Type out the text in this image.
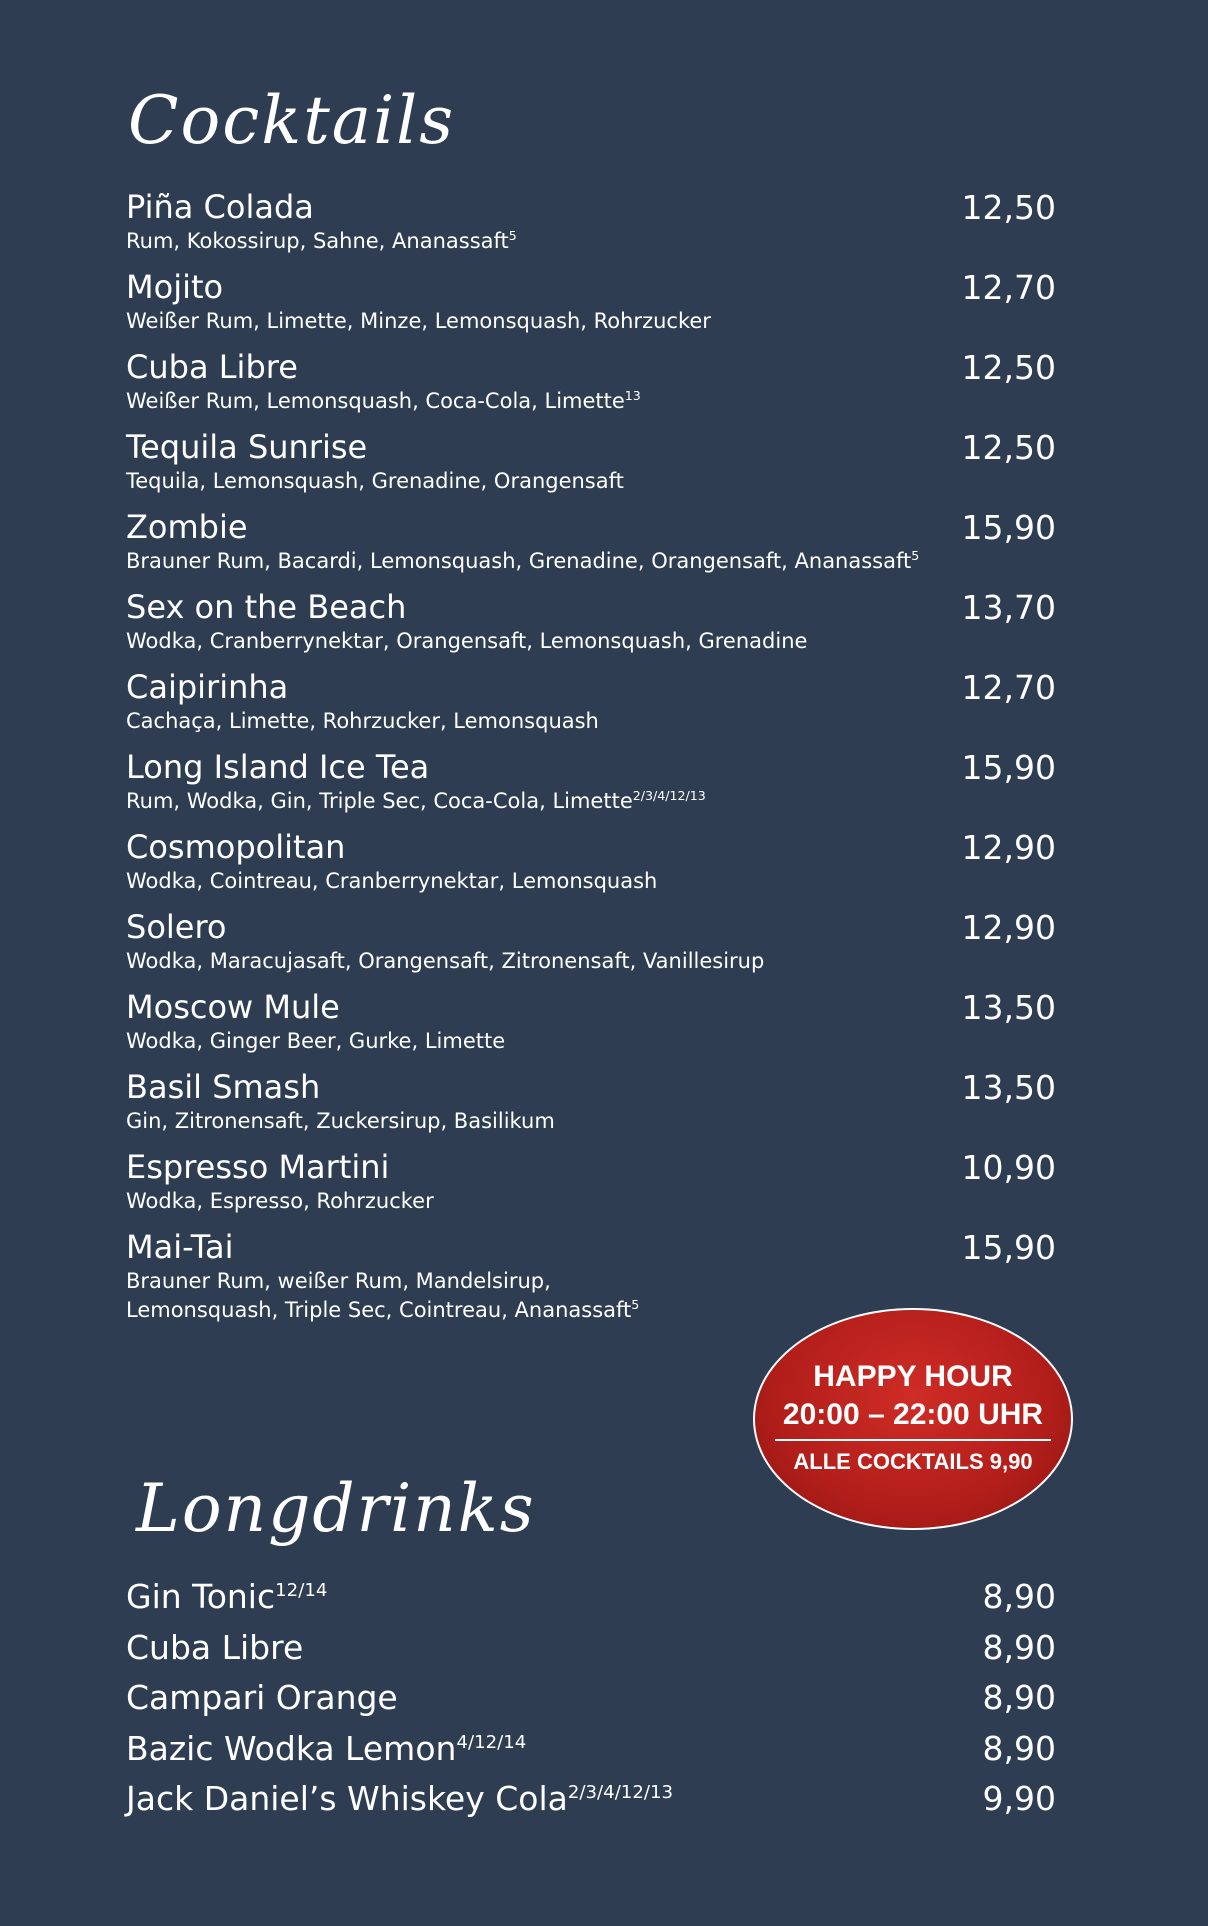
Cocktails
Piña Colada
Rum, Kokossirup, Sahne, Ananassaft$^5$
12,50
Mojito
Weißer Rum, Limette, Minze, Lemonsquash, Rohrzucker
12,70
Cuba Libre
Weißer Rum, Lemonsquash, Coca-Cola, Limette$^{13}$
12,50
Tequila Sunrise
Tequila, Lemonsquash, Grenadine, Orangensaft
12,50
Zombie
Brauner Rum, Bacardi, Lemonsquash, Grenadine, Orangensaft, Ananassaft$^5$
15,90
Sex on the Beach
Wodka, Cranberrynektar, Orangensaft, Lemonsquash, Grenadine
13,70
Caipirinha
Cachaça, Limette, Rohrzucker, Lemonsquash
12,70
Long Island Ice Tea
Rum, Wodka, Gin, Triple Sec, Coca-Cola, Limette$^{2/3/4/12/13}$
15,90
Cosmopolitan
Wodka, Cointreau, Cranberrynektar, Lemonsquash
12,90
Solero
Wodka, Maracujasaft, Orangensaft, Zitronensaft, Vanillesirup
12,90
Moscow Mule
Wodka, Ginger Beer, Gurke, Limette
13,50
Basil Smash
Gin, Zitronensaft, Zuckersirup, Basilikum
13,50
Espresso Martini
Wodka, Espresso, Rohrzucker
10,90
Mai-Tai
Brauner Rum, weißer Rum, Mandelsirup, Lemonsquash, Triple Sec, Cointreau, Ananassaft$^5$
15,90
HAPPY HOUR
20:00 – 22:00 UHR
ALLE COCKTAILS 9,90
Longdrinks
Gin Tonic$^{12/14}$	8,90
Cuba Libre	8,90
Campari Orange	8,90
Bazic Wodka Lemon$^{4/12/14}$	8,90
Jack Daniel’s Whiskey Cola$^{2/3/4/12/13}$	9,90
